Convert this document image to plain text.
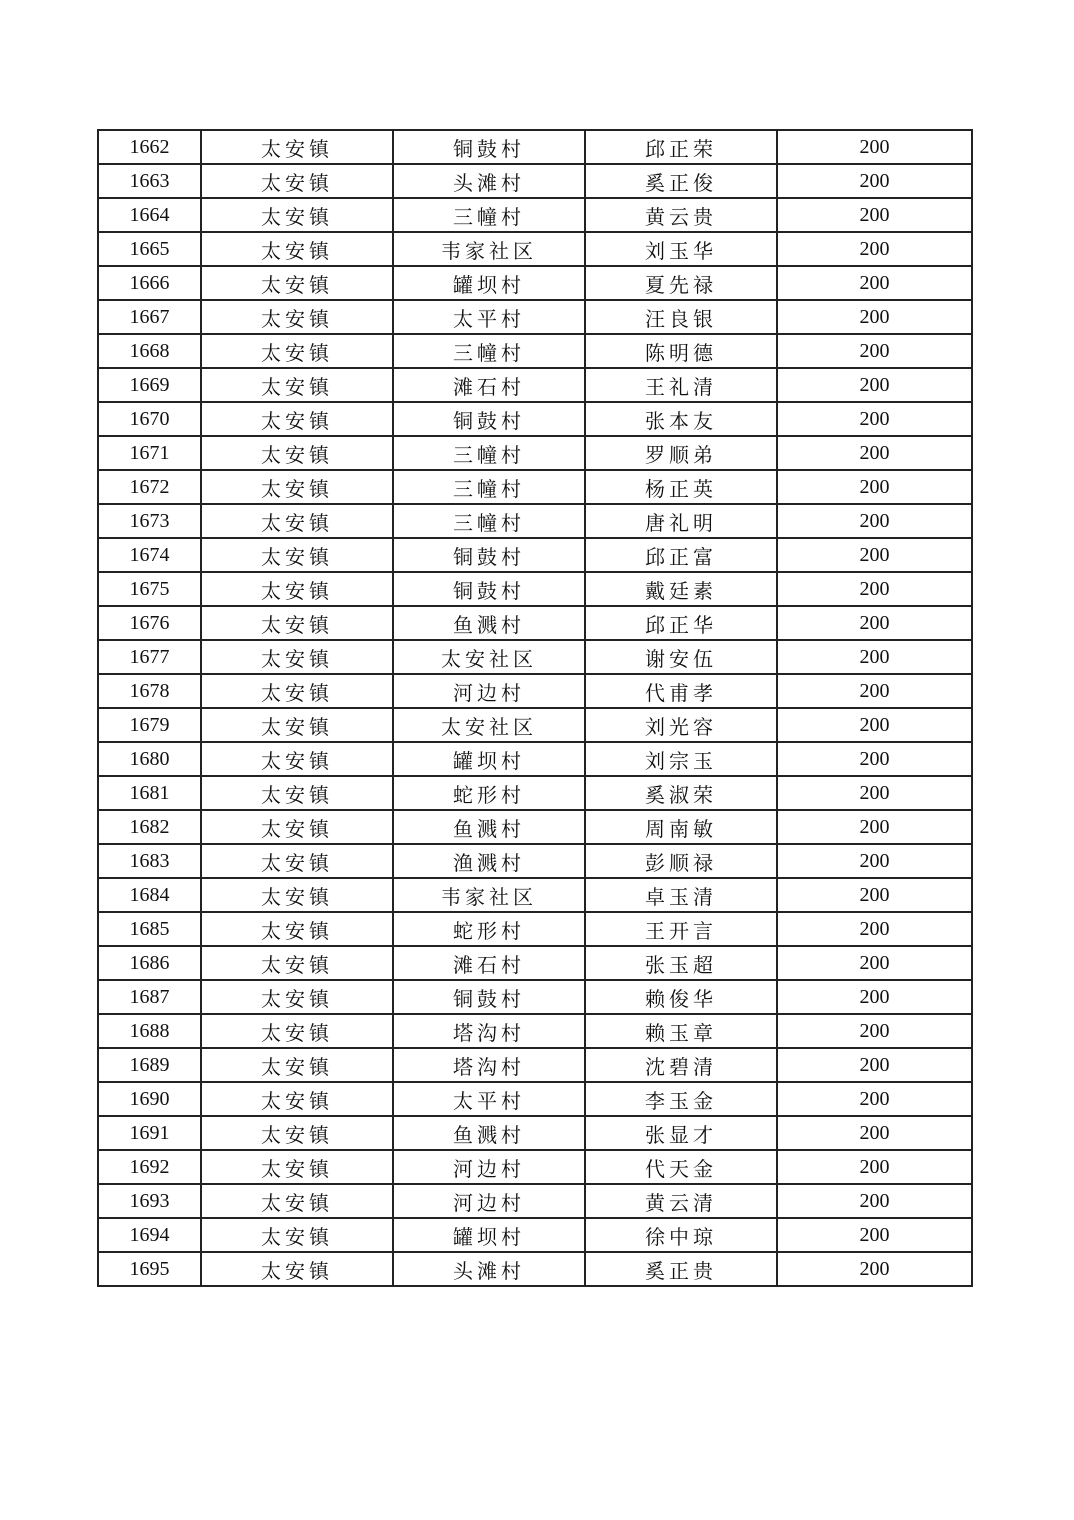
1662	太安镇	铜鼓村	邱正荣	200
1663	太安镇	头滩村	奚正俊	200
1664	太安镇	三幢村	黄云贵	200
1665	太安镇	韦家社区	刘玉华	200
1666	太安镇	罐坝村	夏先禄	200
1667	太安镇	太平村	汪良银	200
1668	太安镇	三幢村	陈明德	200
1669	太安镇	滩石村	王礼清	200
1670	太安镇	铜鼓村	张本友	200
1671	太安镇	三幢村	罗顺弟	200
1672	太安镇	三幢村	杨正英	200
1673	太安镇	三幢村	唐礼明	200
1674	太安镇	铜鼓村	邱正富	200
1675	太安镇	铜鼓村	戴廷素	200
1676	太安镇	鱼溅村	邱正华	200
1677	太安镇	太安社区	谢安伍	200
1678	太安镇	河边村	代甫孝	200
1679	太安镇	太安社区	刘光容	200
1680	太安镇	罐坝村	刘宗玉	200
1681	太安镇	蛇形村	奚淑荣	200
1682	太安镇	鱼溅村	周南敏	200
1683	太安镇	渔溅村	彭顺禄	200
1684	太安镇	韦家社区	卓玉清	200
1685	太安镇	蛇形村	王开言	200
1686	太安镇	滩石村	张玉超	200
1687	太安镇	铜鼓村	赖俊华	200
1688	太安镇	塔沟村	赖玉章	200
1689	太安镇	塔沟村	沈碧清	200
1690	太安镇	太平村	李玉金	200
1691	太安镇	鱼溅村	张显才	200
1692	太安镇	河边村	代天金	200
1693	太安镇	河边村	黄云清	200
1694	太安镇	罐坝村	徐中琼	200
1695	太安镇	头滩村	奚正贵	200
